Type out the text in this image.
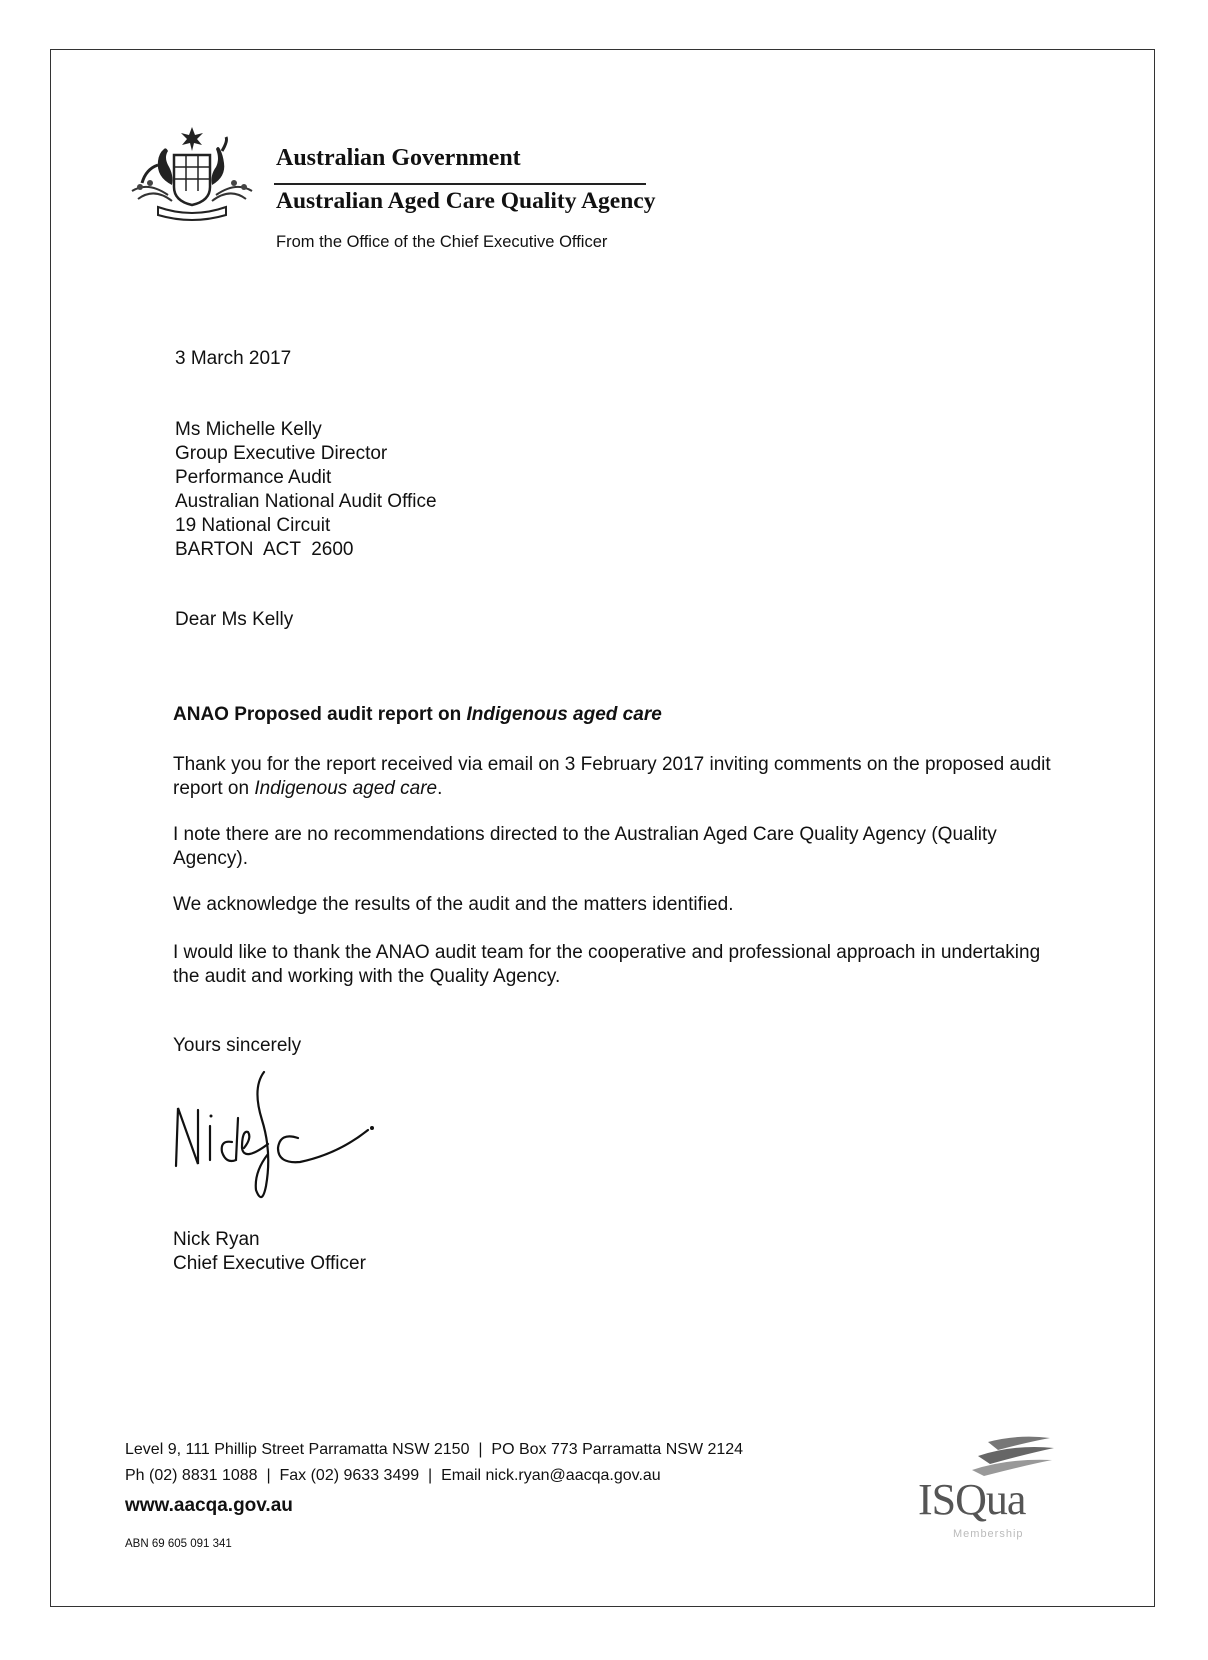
Australian Government
Australian Aged Care Quality Agency
From the Office of the Chief Executive Officer
3 March 2017
Ms Michelle Kelly
Group Executive Director
Performance Audit
Australian National Audit Office
19 National Circuit
BARTON  ACT  2600
Dear Ms Kelly
ANAO Proposed audit report on Indigenous aged care
Thank you for the report received via email on 3 February 2017 inviting comments on the proposed audit report on Indigenous aged care.
I note there are no recommendations directed to the Australian Aged Care Quality Agency (Quality Agency).
We acknowledge the results of the audit and the matters identified.
I would like to thank the ANAO audit team for the cooperative and professional approach in undertaking the audit and working with the Quality Agency.
Yours sincerely
Nick Ryan
Chief Executive Officer
Level 9, 111 Phillip Street Parramatta NSW 2150  |  PO Box 773 Parramatta NSW 2124
Ph (02) 8831 1088  |  Fax (02) 9633 3499  |  Email nick.ryan@aacqa.gov.au
www.aacqa.gov.au
ABN 69 605 091 341
ISQua
Membership
